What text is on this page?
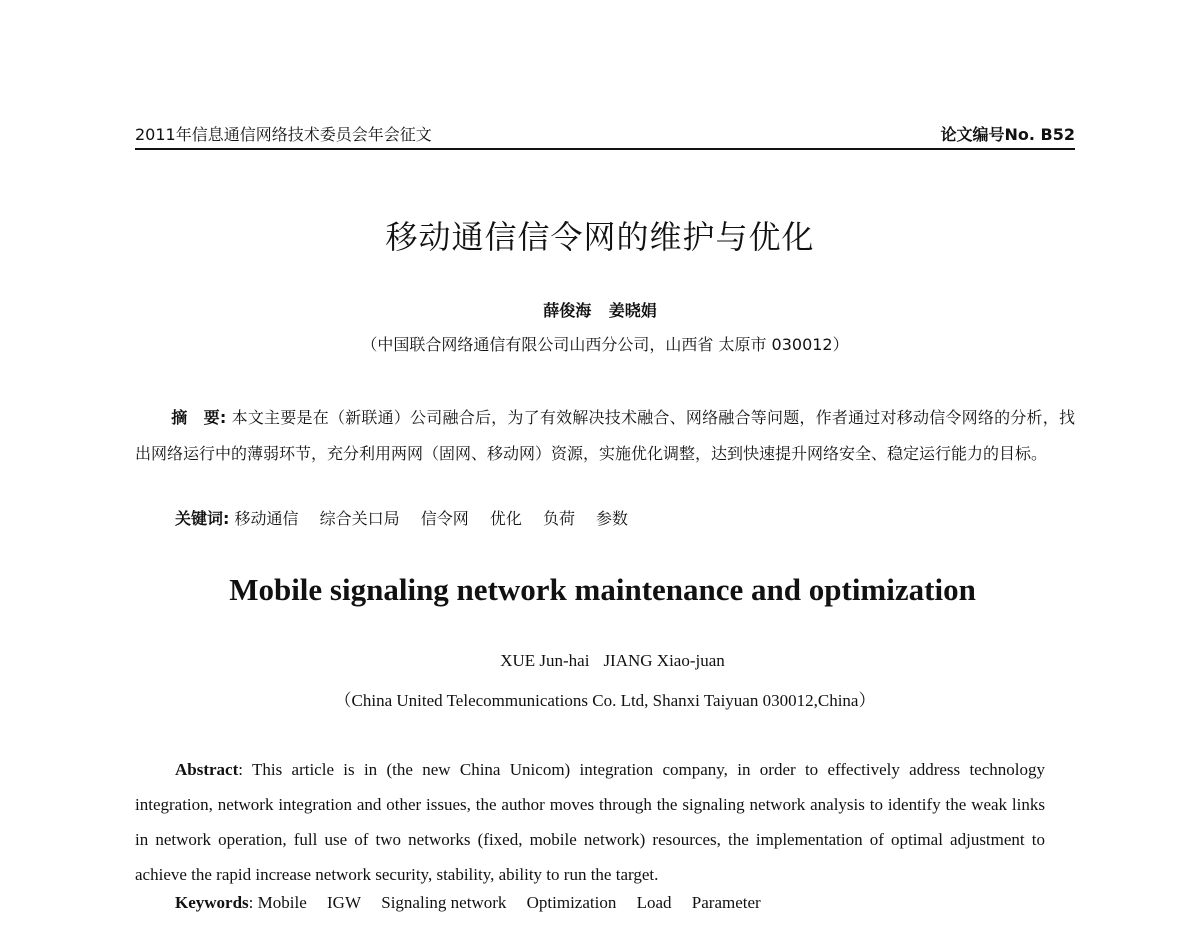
2011年信息通信网络技术委员会年会征文	论文编号No. B52
移动通信信令网的维护与优化
薛俊海 姜晓娟
（中国联合网络通信有限公司山西分公司，山西省 太原市 030012）
摘　要: 本文主要是在（新联通）公司融合后，为了有效解决技术融合、网络融合等问题，作者通过对移动信令网络的分析，找出网络运行中的薄弱环节，充分利用两网（固网、移动网）资源，实施优化调整，达到快速提升网络安全、稳定运行能力的目标。
关键词: 移动通信 综合关口局 信令网 优化 负荷 参数
Mobile signaling network maintenance and optimization
XUE Jun-hai JIANG Xiao-juan
（China United Telecommunications Co. Ltd, Shanxi Taiyuan 030012,China）
Abstract: This article is in (the new China Unicom) integration company, in order to effectively address technology integration, network integration and other issues, the author moves through the signaling network analysis to identify the weak links in network operation, full use of two networks (fixed, mobile network) resources, the implementation of optimal adjustment to achieve the rapid increase network security, stability, ability to run the target.
Keywords: Mobile IGW Signaling network Optimization Load Parameter
